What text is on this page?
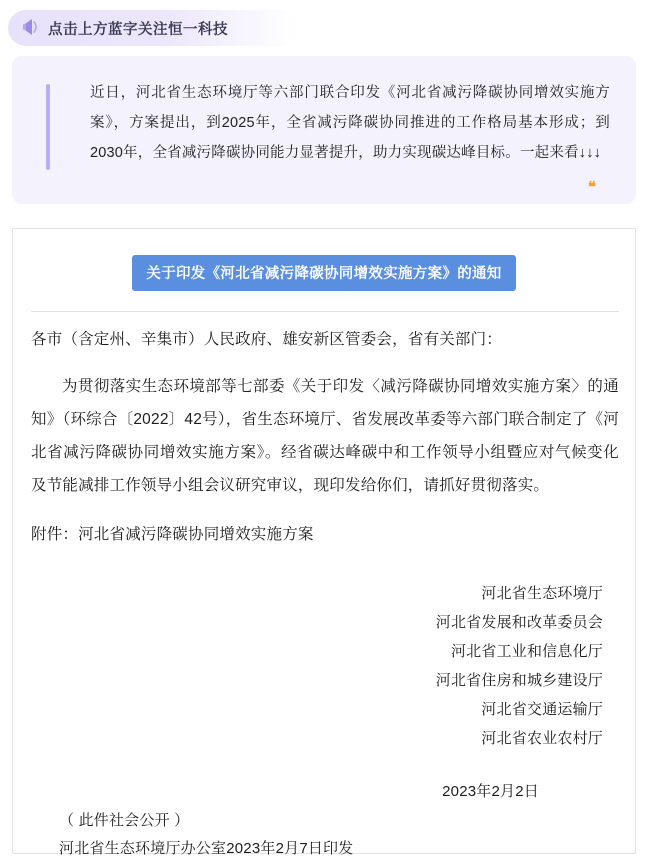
点击上方蓝字关注恒一科技
近日，河北省生态环境厅等六部门联合印发《河北省减污降碳协同增效实施方案》，方案提出，到2025年，全省减污降碳协同推进的工作格局基本形成；到2030年，全省减污降碳协同能力显著提升，助力实现碳达峰目标。一起来看↓↓↓
❝
关于印发《河北省减污降碳协同增效实施方案》的通知

各市（含定州、辛集市）人民政府、雄安新区管委会，省有关部门：

为贯彻落实生态环境部等七部委《关于印发〈减污降碳协同增效实施方案〉的通知》（环综合〔2022〕42号），省生态环境厅、省发展改革委等六部门联合制定了《河北省减污降碳协同增效实施方案》。经省碳达峰碳中和工作领导小组暨应对气候变化及节能减排工作领导小组会议研究审议，现印发给你们，请抓好贯彻落实。

附件：河北省减污降碳协同增效实施方案

河北省生态环境厅
河北省发展和改革委员会
河北省工业和信息化厅
河北省住房和城乡建设厅
河北省交通运输厅
河北省农业农村厅
2023年2月2日
（ 此件社会公开 ）
河北省生态环境厅办公室2023年2月7日印发
